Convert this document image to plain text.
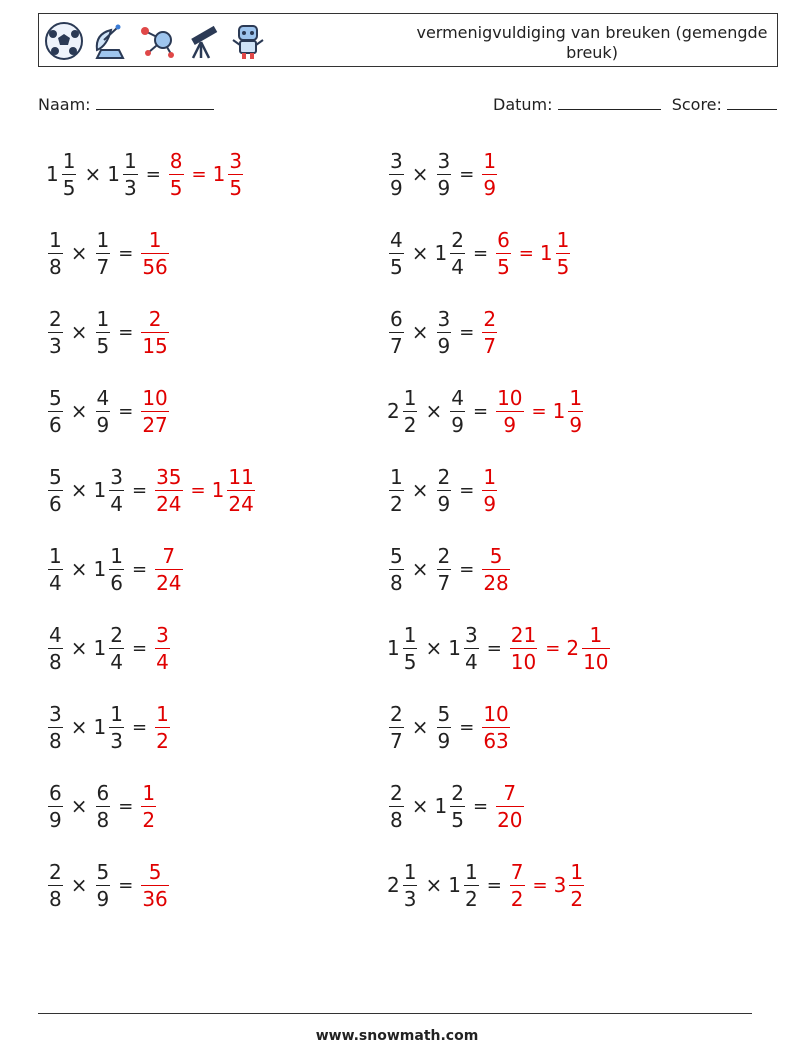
vermenigvuldiging van breuken (gemengde breuk)
Naam:	Datum:	Score:
$1 \frac{1}{5} \times 1 \frac{1}{3} = \frac{8}{5} = 1 \frac{3}{5}$	$\frac{3}{9} \times \frac{3}{9} = \frac{1}{9}$
$\frac{1}{8} \times \frac{1}{7} = \frac{1}{56}$	$\frac{4}{5} \times 1 \frac{2}{4} = \frac{6}{5} = 1 \frac{1}{5}$
$\frac{2}{3} \times \frac{1}{5} = \frac{2}{15}$	$\frac{6}{7} \times \frac{3}{9} = \frac{2}{7}$
$\frac{5}{6} \times \frac{4}{9} = \frac{10}{27}$	$2 \frac{1}{2} \times \frac{4}{9} = \frac{10}{9} = 1 \frac{1}{9}$
$\frac{5}{6} \times 1 \frac{3}{4} = \frac{35}{24} = 1 \frac{11}{24}$	$\frac{1}{2} \times \frac{2}{9} = \frac{1}{9}$
$\frac{1}{4} \times 1 \frac{1}{6} = \frac{7}{24}$	$\frac{5}{8} \times \frac{2}{7} = \frac{5}{28}$
$\frac{4}{8} \times 1 \frac{2}{4} = \frac{3}{4}$	$1 \frac{1}{5} \times 1 \frac{3}{4} = \frac{21}{10} = 2 \frac{1}{10}$
$\frac{3}{8} \times 1 \frac{1}{3} = \frac{1}{2}$	$\frac{2}{7} \times \frac{5}{9} = \frac{10}{63}$
$\frac{6}{9} \times \frac{6}{8} = \frac{1}{2}$	$\frac{2}{8} \times 1 \frac{2}{5} = \frac{7}{20}$
$\frac{2}{8} \times \frac{5}{9} = \frac{5}{36}$	$2 \frac{1}{3} \times 1 \frac{1}{2} = \frac{7}{2} = 3 \frac{1}{2}$
www.snowmath.com
